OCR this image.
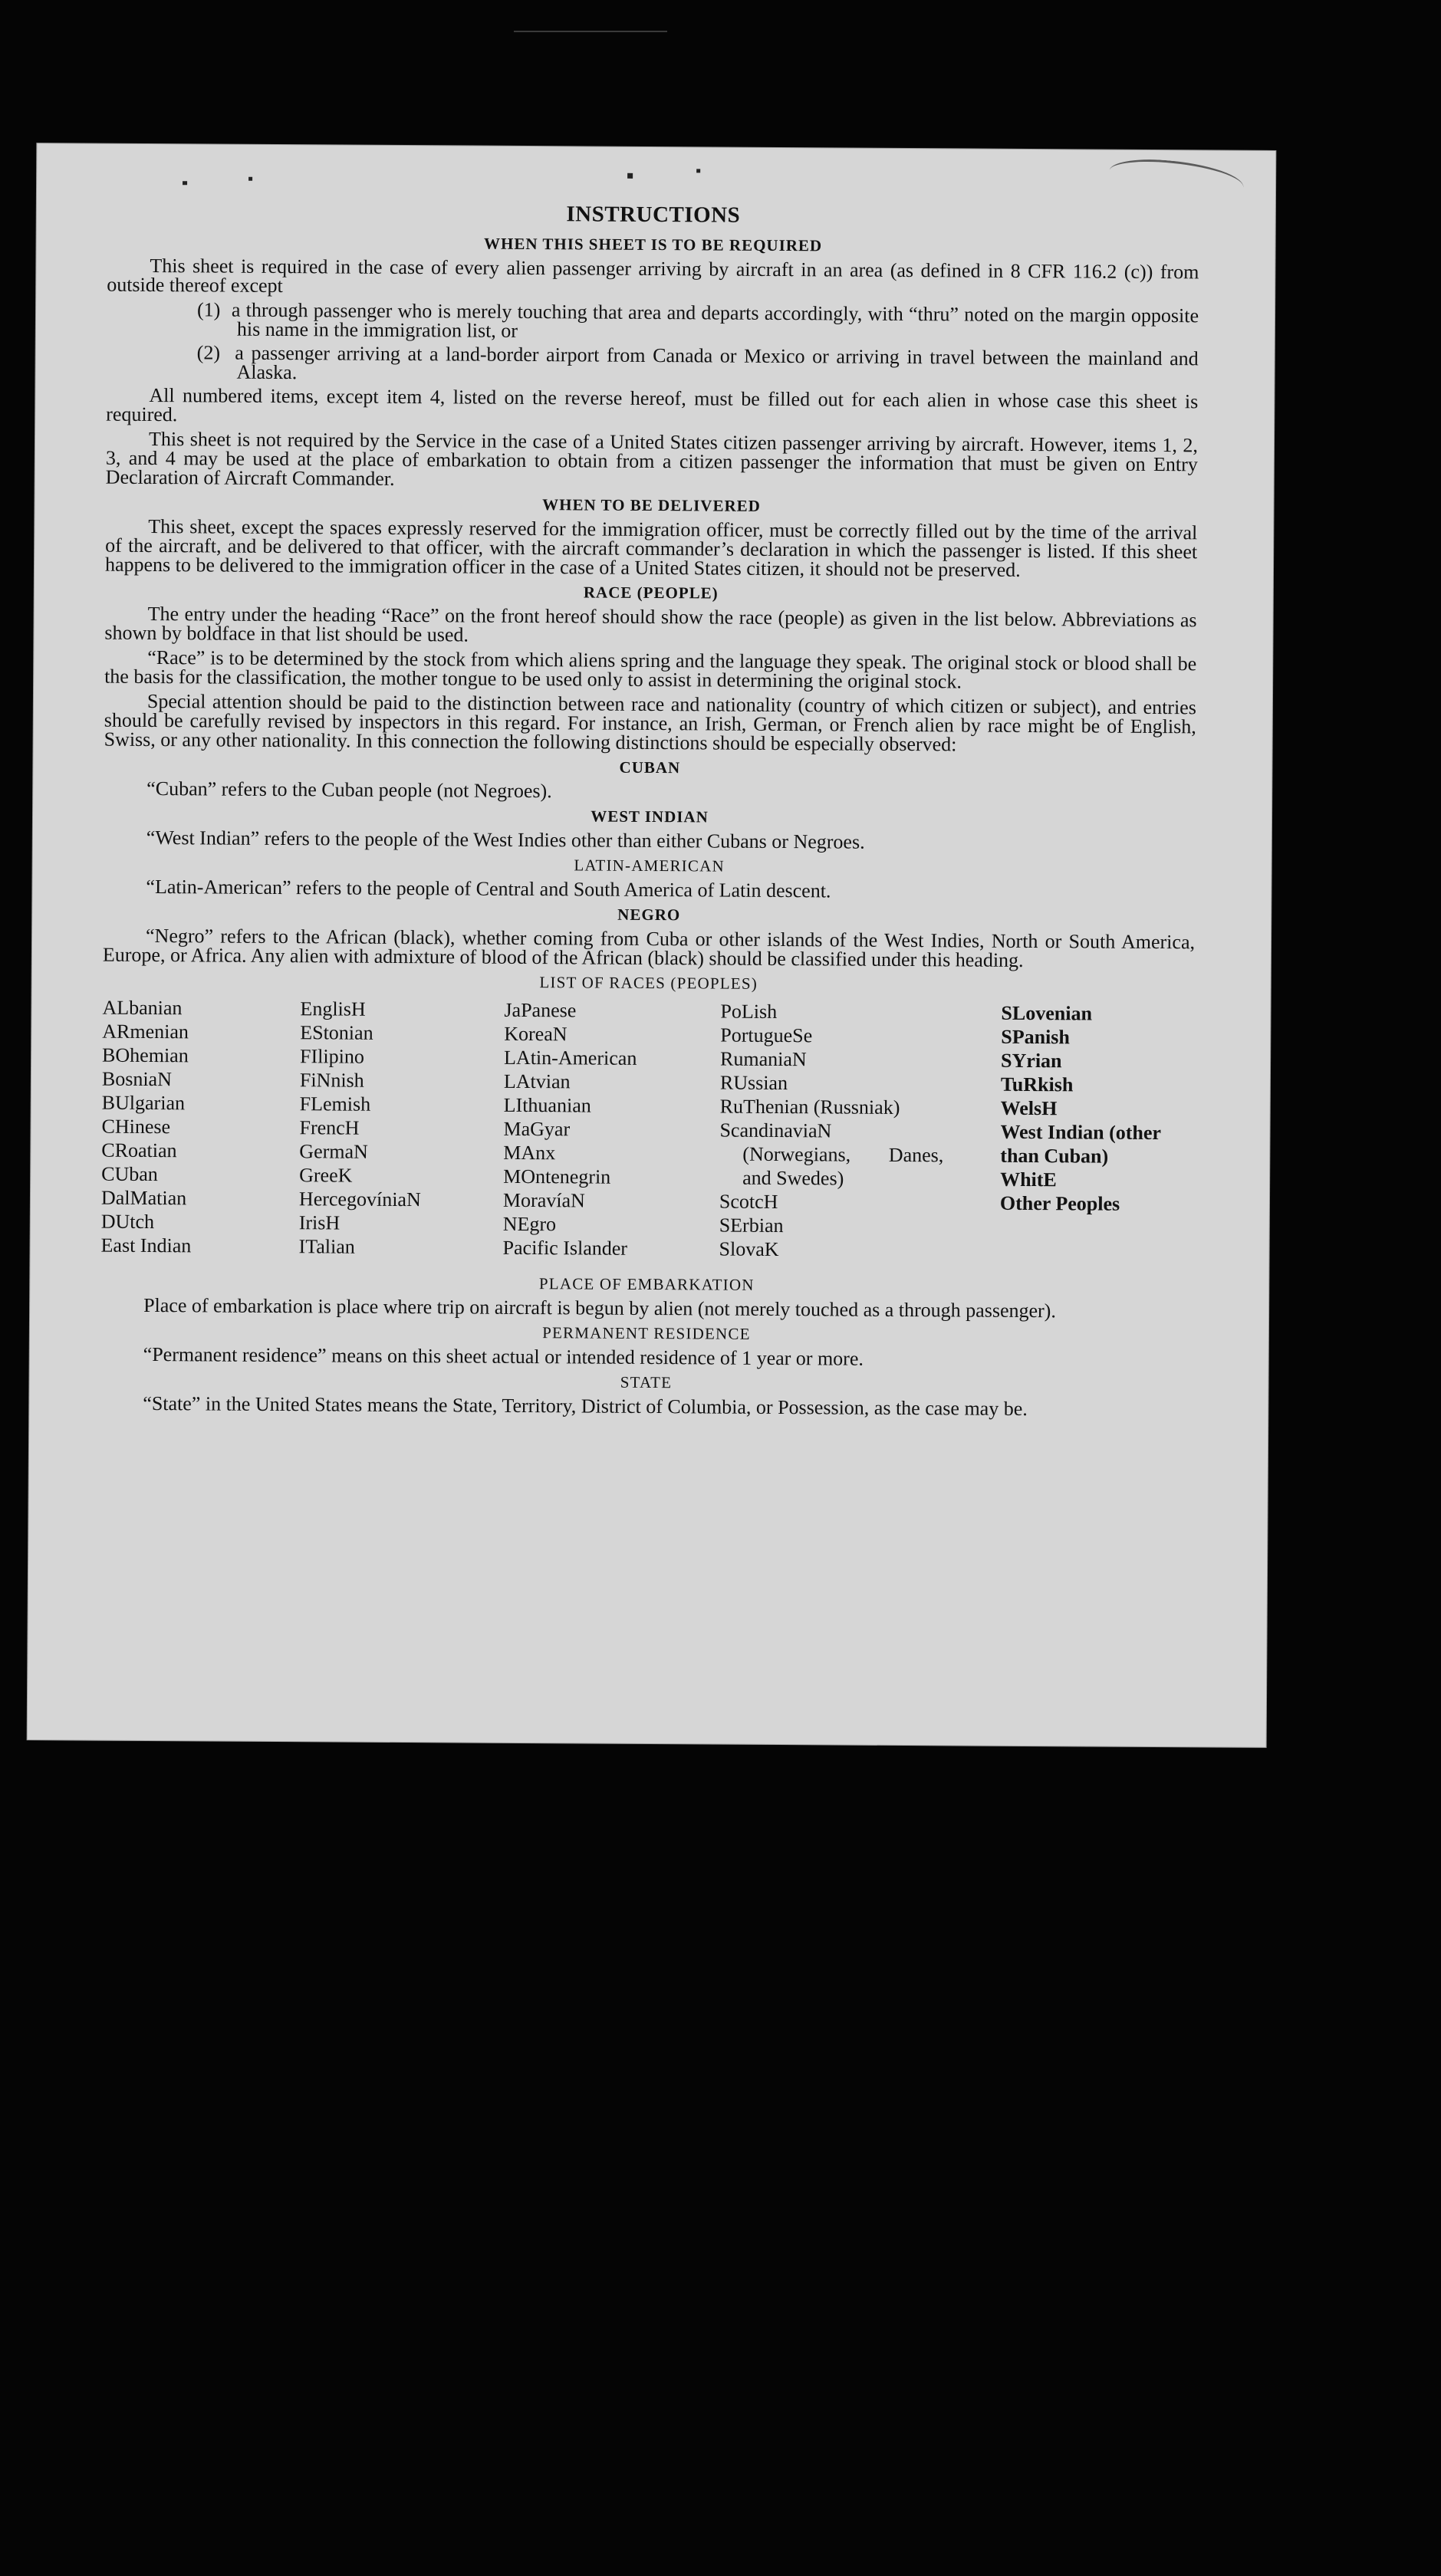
INSTRUCTIONS
WHEN THIS SHEET IS TO BE REQUIRED

This sheet is required in the case of every alien passenger arriving by aircraft in an area (as defined in 8 CFR 116.2 (c)) from outside thereof except

(1) a through passenger who is merely touching that area and departs accordingly, with “thru” noted on the margin opposite his name in the immigration list, or
(2) a passenger arriving at a land-border airport from Canada or Mexico or arriving in travel between the mainland and Alaska.

All numbered items, except item 4, listed on the reverse hereof, must be filled out for each alien in whose case this sheet is required.

This sheet is not required by the Service in the case of a United States citizen passenger arriving by aircraft. However, items 1, 2, 3, and 4 may be used at the place of embarkation to obtain from a citizen passenger the information that must be given on Entry Declaration of Aircraft Commander.

WHEN TO BE DELIVERED

This sheet, except the spaces expressly reserved for the immigration officer, must be correctly filled out by the time of the arrival of the aircraft, and be delivered to that officer, with the aircraft commander’s declaration in which the passenger is listed. If this sheet happens to be delivered to the immigration officer in the case of a United States citizen, it should not be preserved.

RACE (PEOPLE)

The entry under the heading “Race” on the front hereof should show the race (people) as given in the list below. Abbreviations as shown by boldface in that list should be used.

“Race” is to be determined by the stock from which aliens spring and the language they speak. The original stock or blood shall be the basis for the classification, the mother tongue to be used only to assist in determining the original stock.

Special attention should be paid to the distinction between race and nationality (country of which citizen or subject), and entries should be carefully revised by inspectors in this regard. For instance, an Irish, German, or French alien by race might be of English, Swiss, or any other nationality. In this connection the following distinctions should be especially observed:

CUBAN

“Cuban” refers to the Cuban people (not Negroes).

WEST INDIAN

“West Indian” refers to the people of the West Indies other than either Cubans or Negroes.

LATIN-AMERICAN

“Latin-American” refers to the people of Central and South America of Latin descent.

NEGRO

“Negro” refers to the African (black), whether coming from Cuba or other islands of the West Indies, North or South America, Europe, or Africa. Any alien with admixture of blood of the African (black) should be classified under this heading.

LIST OF RACES (PEOPLES)
ALbanian
ARmenian
BOhemian
BosniaN
BUlgarian
CHinese
CRoatian
CUban
DalMatian
DUtch
East Indian
EnglisH
EStonian
FIlipino
FiNnish
FLemish
FrencH
GermaN
GreeK
HercegovíniaN
IrisH
ITalian
JaPanese
KoreaN
LAtin-American
LAtvian
LIthuanian
MaGyar
MAnx
MOntenegrin
MoravíaN
NEgro
Pacific Islander
PoLish
PortugueSe
RumaniaN
RUssian
RuThenian (Russniak)
ScandinaviaN (Norwegians, Danes, and Swedes)
ScotcH
SErbian
SlovaK
SLovenian
SPanish
SYrian
TuRkish
WelsH
West Indian (other than Cuban)
WhitE
Other Peoples
PLACE OF EMBARKATION

Place of embarkation is place where trip on aircraft is begun by alien (not merely touched as a through passenger).

PERMANENT RESIDENCE

“Permanent residence” means on this sheet actual or intended residence of 1 year or more.

STATE

“State” in the United States means the State, Territory, District of Columbia, or Possession, as the case may be.
